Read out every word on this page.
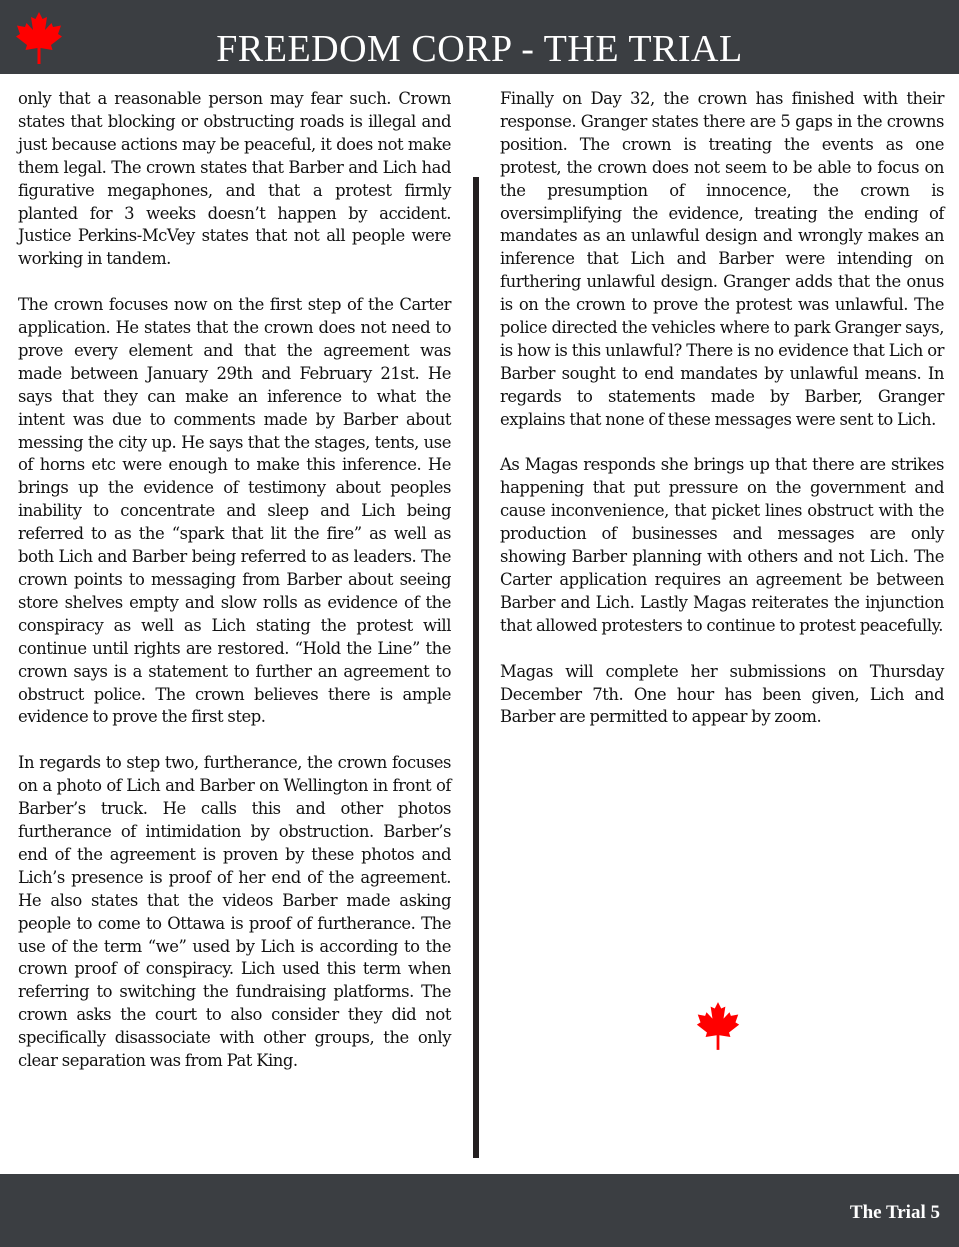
FREEDOM CORP - THE TRIAL

only that a reasonable person may fear such. Crown states that blocking or obstructing roads is illegal and just because actions may be peaceful, it does not make them legal. The crown states that Barber and Lich had figurative megaphones, and that a protest firmly planted for 3 weeks doesn’t happen by accident. Justice Perkins-McVey states that not all people were working in tandem.

The crown focuses now on the first step of the Carter application. He states that the crown does not need to prove every element and that the agreement was made between January 29th and February 21st. He says that they can make an inference to what the intent was due to comments made by Barber about messing the city up. He says that the stages, tents, use of horns etc were enough to make this inference. He brings up the evidence of testimony about peoples inability to concentrate and sleep and Lich being referred to as the “spark that lit the fire” as well as both Lich and Barber being referred to as leaders. The crown points to messaging from Barber about seeing store shelves empty and slow rolls as evidence of the conspiracy as well as Lich stating the protest will continue until rights are restored. “Hold the Line” the crown says is a statement to further an agreement to obstruct police. The crown believes there is ample evidence to prove the first step.

In regards to step two, furtherance, the crown focuses on a photo of Lich and Barber on Wellington in front of Barber’s truck. He calls this and other photos furtherance of intimidation by obstruction. Barber’s end of the agreement is proven by these photos and Lich’s presence is proof of her end of the agreement. He also states that the videos Barber made asking people to come to Ottawa is proof of furtherance. The use of the term “we” used by Lich is according to the crown proof of conspiracy. Lich used this term when referring to switching the fundraising platforms. The crown asks the court to also consider they did not specifically disassociate with other groups, the only clear separation was from Pat King.

Finally on Day 32, the crown has finished with their response. Granger states there are 5 gaps in the crowns position. The crown is treating the events as one protest, the crown does not seem to be able to focus on the presumption of innocence, the crown is oversimplifying the evidence, treating the ending of mandates as an unlawful design and wrongly makes an inference that Lich and Barber were intending on furthering unlawful design. Granger adds that the onus is on the crown to prove the protest was unlawful. The police directed the vehicles where to park Granger says, is how is this unlawful? There is no evidence that Lich or Barber sought to end mandates by unlawful means. In regards to statements made by Barber, Granger explains that none of these messages were sent to Lich.

As Magas responds she brings up that there are strikes happening that put pressure on the government and cause inconvenience, that picket lines obstruct with the production of businesses and messages are only showing Barber planning with others and not Lich. The Carter application requires an agreement be between Barber and Lich. Lastly Magas reiterates the injunction that allowed protesters to continue to protest peacefully.

Magas will complete her submissions on Thursday December 7th. One hour has been given, Lich and Barber are permitted to appear by zoom.

The Trial 5
